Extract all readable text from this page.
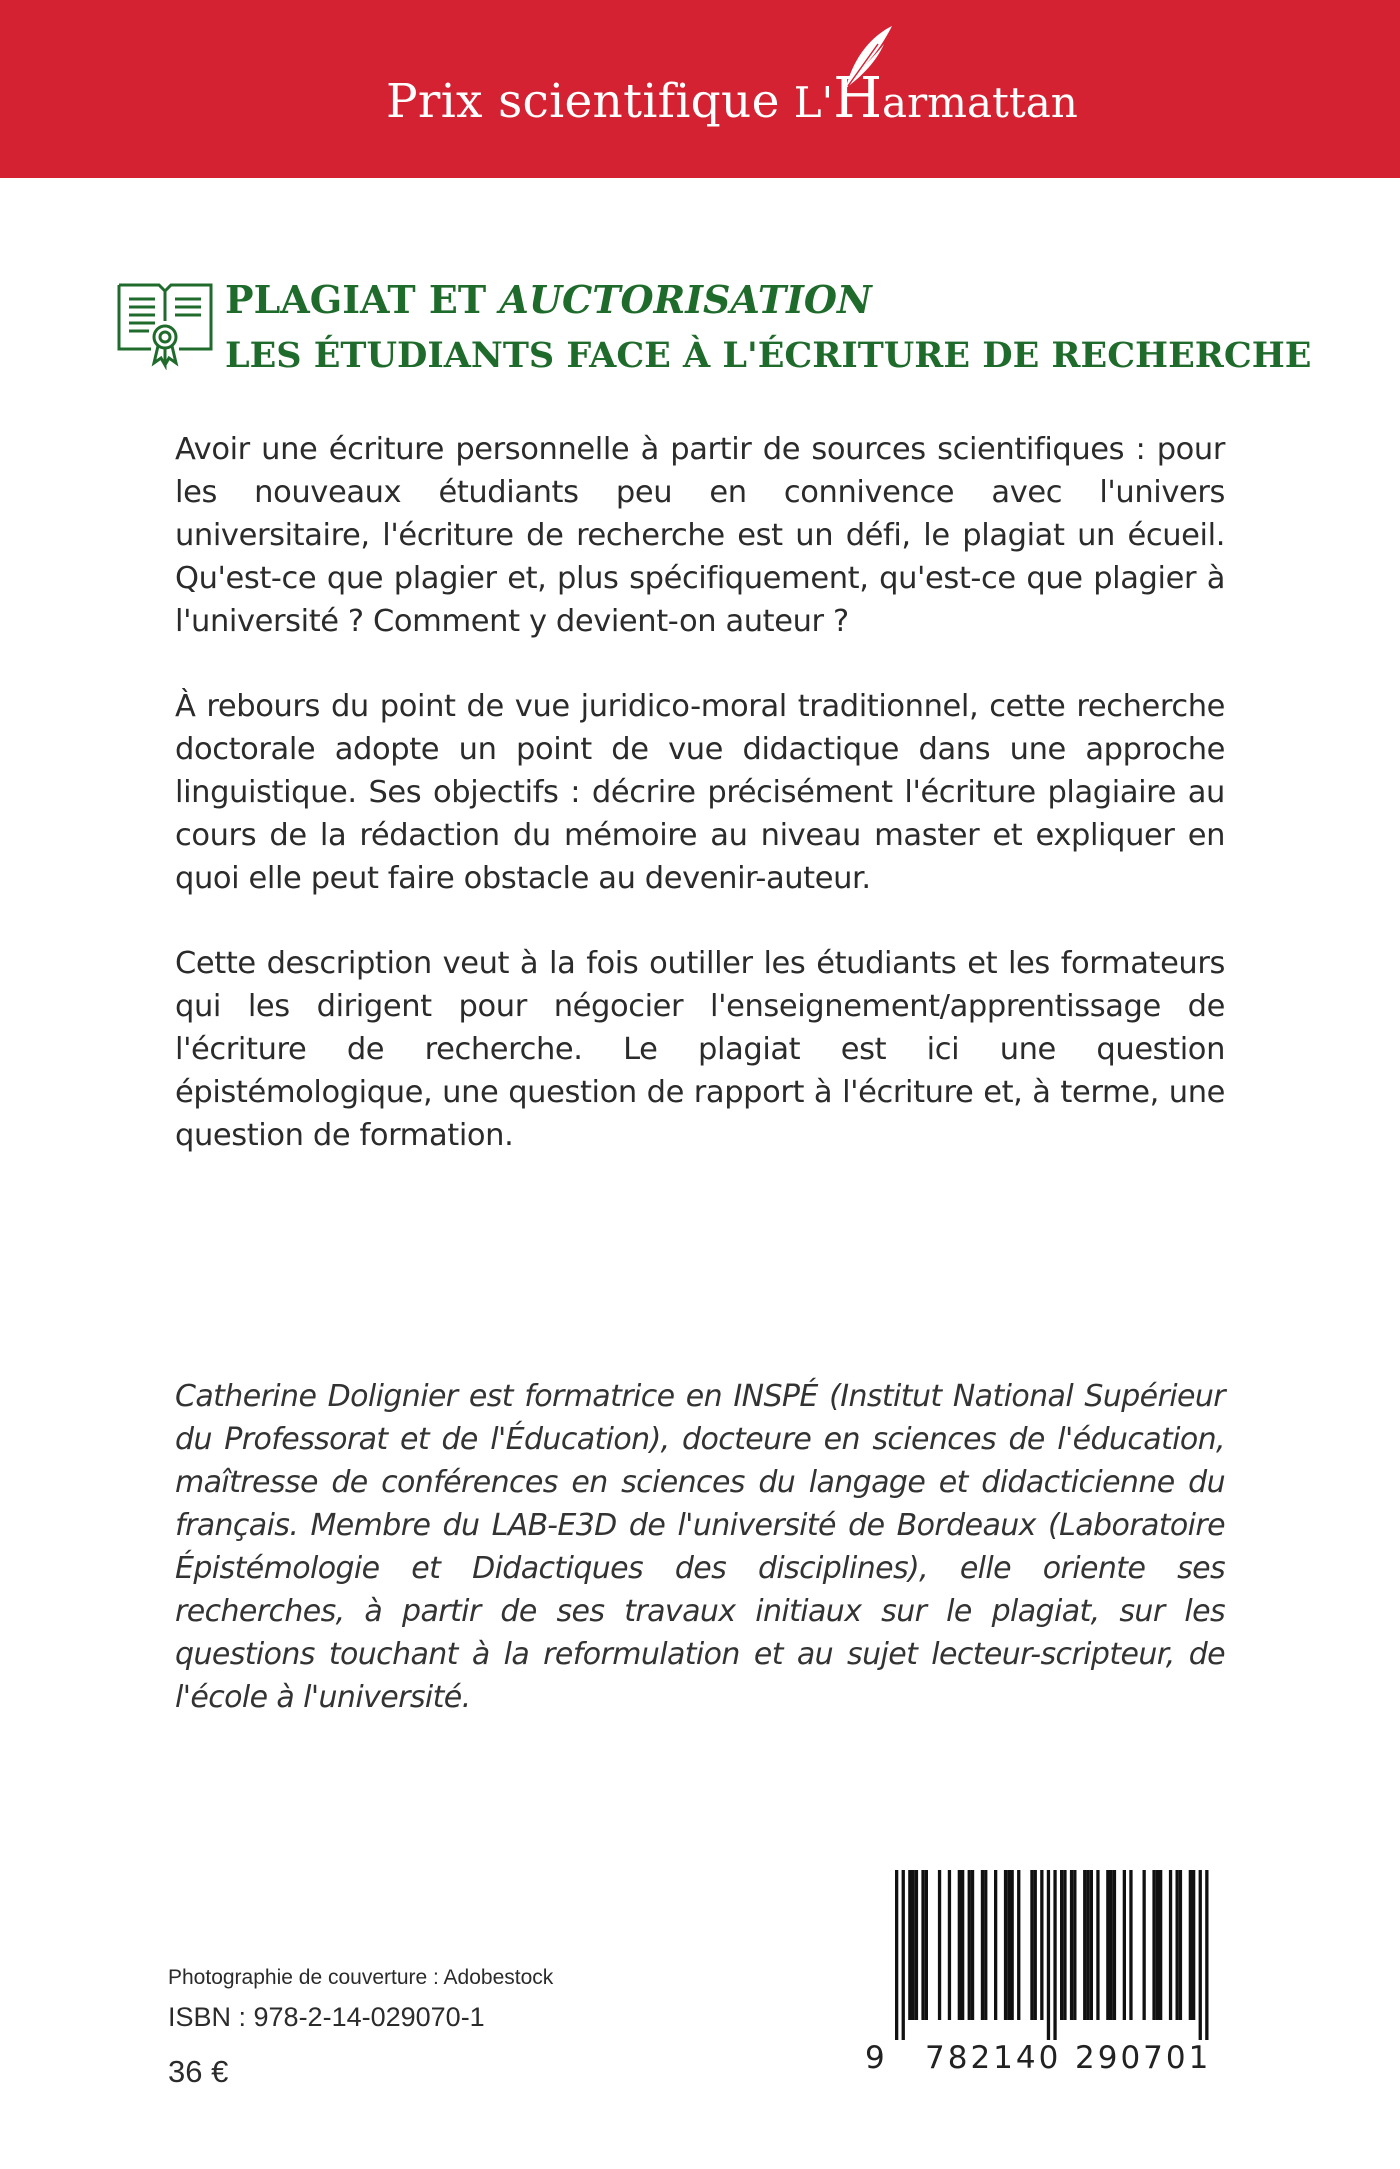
Prix scientifique L'Harmattan
PLAGIAT ET AUCTORISATION
LES ÉTUDIANTS FACE À L'ÉCRITURE DE RECHERCHE

Avoir une écriture personnelle à partir de sources scientifiques : pour les nouveaux étudiants peu en connivence avec l'univers universitaire, l'écriture de recherche est un défi, le plagiat un écueil. Qu'est-ce que plagier et, plus spécifiquement, qu'est-ce que plagier à l'université ? Comment y devient-on auteur ?

À rebours du point de vue juridico-moral traditionnel, cette recherche doctorale adopte un point de vue didactique dans une approche linguistique. Ses objectifs : décrire précisément l'écriture plagiaire au cours de la rédaction du mémoire au niveau master et expliquer en quoi elle peut faire obstacle au devenir-auteur.

Cette description veut à la fois outiller les étudiants et les formateurs qui les dirigent pour négocier l'enseignement/apprentissage de l'écriture de recherche. Le plagiat est ici une question épistémologique, une question de rapport à l'écriture et, à terme, une question de formation.

Catherine Dolignier est formatrice en INSPÉ (Institut National Supérieur du Professorat et de l'Éducation), docteure en sciences de l'éducation, maîtresse de conférences en sciences du langage et didacticienne du français. Membre du LAB-E3D de l'université de Bordeaux (Laboratoire Épistémologie et Didactiques des disciplines), elle oriente ses recherches, à partir de ses travaux initiaux sur le plagiat, sur les questions touchant à la reformulation et au sujet lecteur-scripteur, de l'école à l'université.

Photographie de couverture : Adobestock
ISBN : 978-2-14-029070-1
36 €	9 782140 290701
